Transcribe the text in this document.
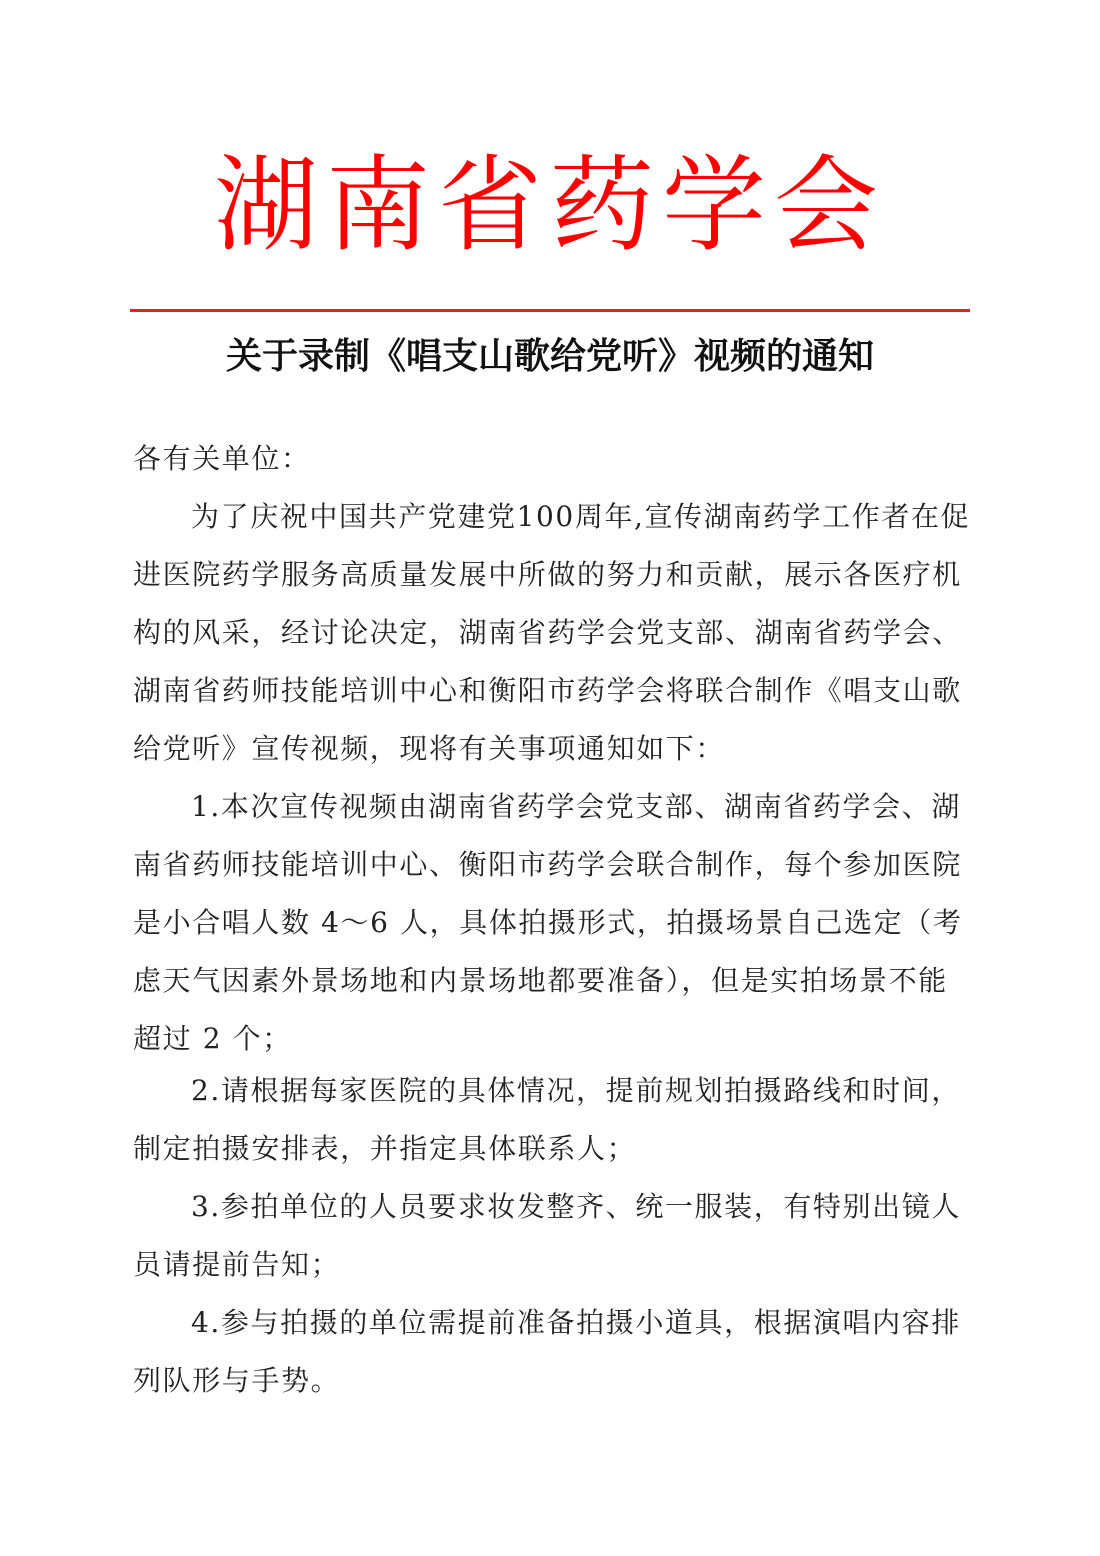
湖南省药学会
关于录制《唱支山歌给党听》视频的通知

各有关单位：

为了庆祝中国共产党建党100周年,宣传湖南药学工作者在促进医院药学服务高质量发展中所做的努力和贡献，展示各医疗机构的风采，经讨论决定，湖南省药学会党支部、湖南省药学会、湖南省药师技能培训中心和衡阳市药学会将联合制作《唱支山歌给党听》宣传视频，现将有关事项通知如下：

1.本次宣传视频由湖南省药学会党支部、湖南省药学会、湖南省药师技能培训中心、衡阳市药学会联合制作，每个参加医院是小合唱人数 4～6 人，具体拍摄形式，拍摄场景自己选定（考虑天气因素外景场地和内景场地都要准备），但是实拍场景不能超过 2 个；

2.请根据每家医院的具体情况，提前规划拍摄路线和时间，制定拍摄安排表，并指定具体联系人；

3.参拍单位的人员要求妆发整齐、统一服装，有特别出镜人员请提前告知；

4.参与拍摄的单位需提前准备拍摄小道具，根据演唱内容排列队形与手势。
